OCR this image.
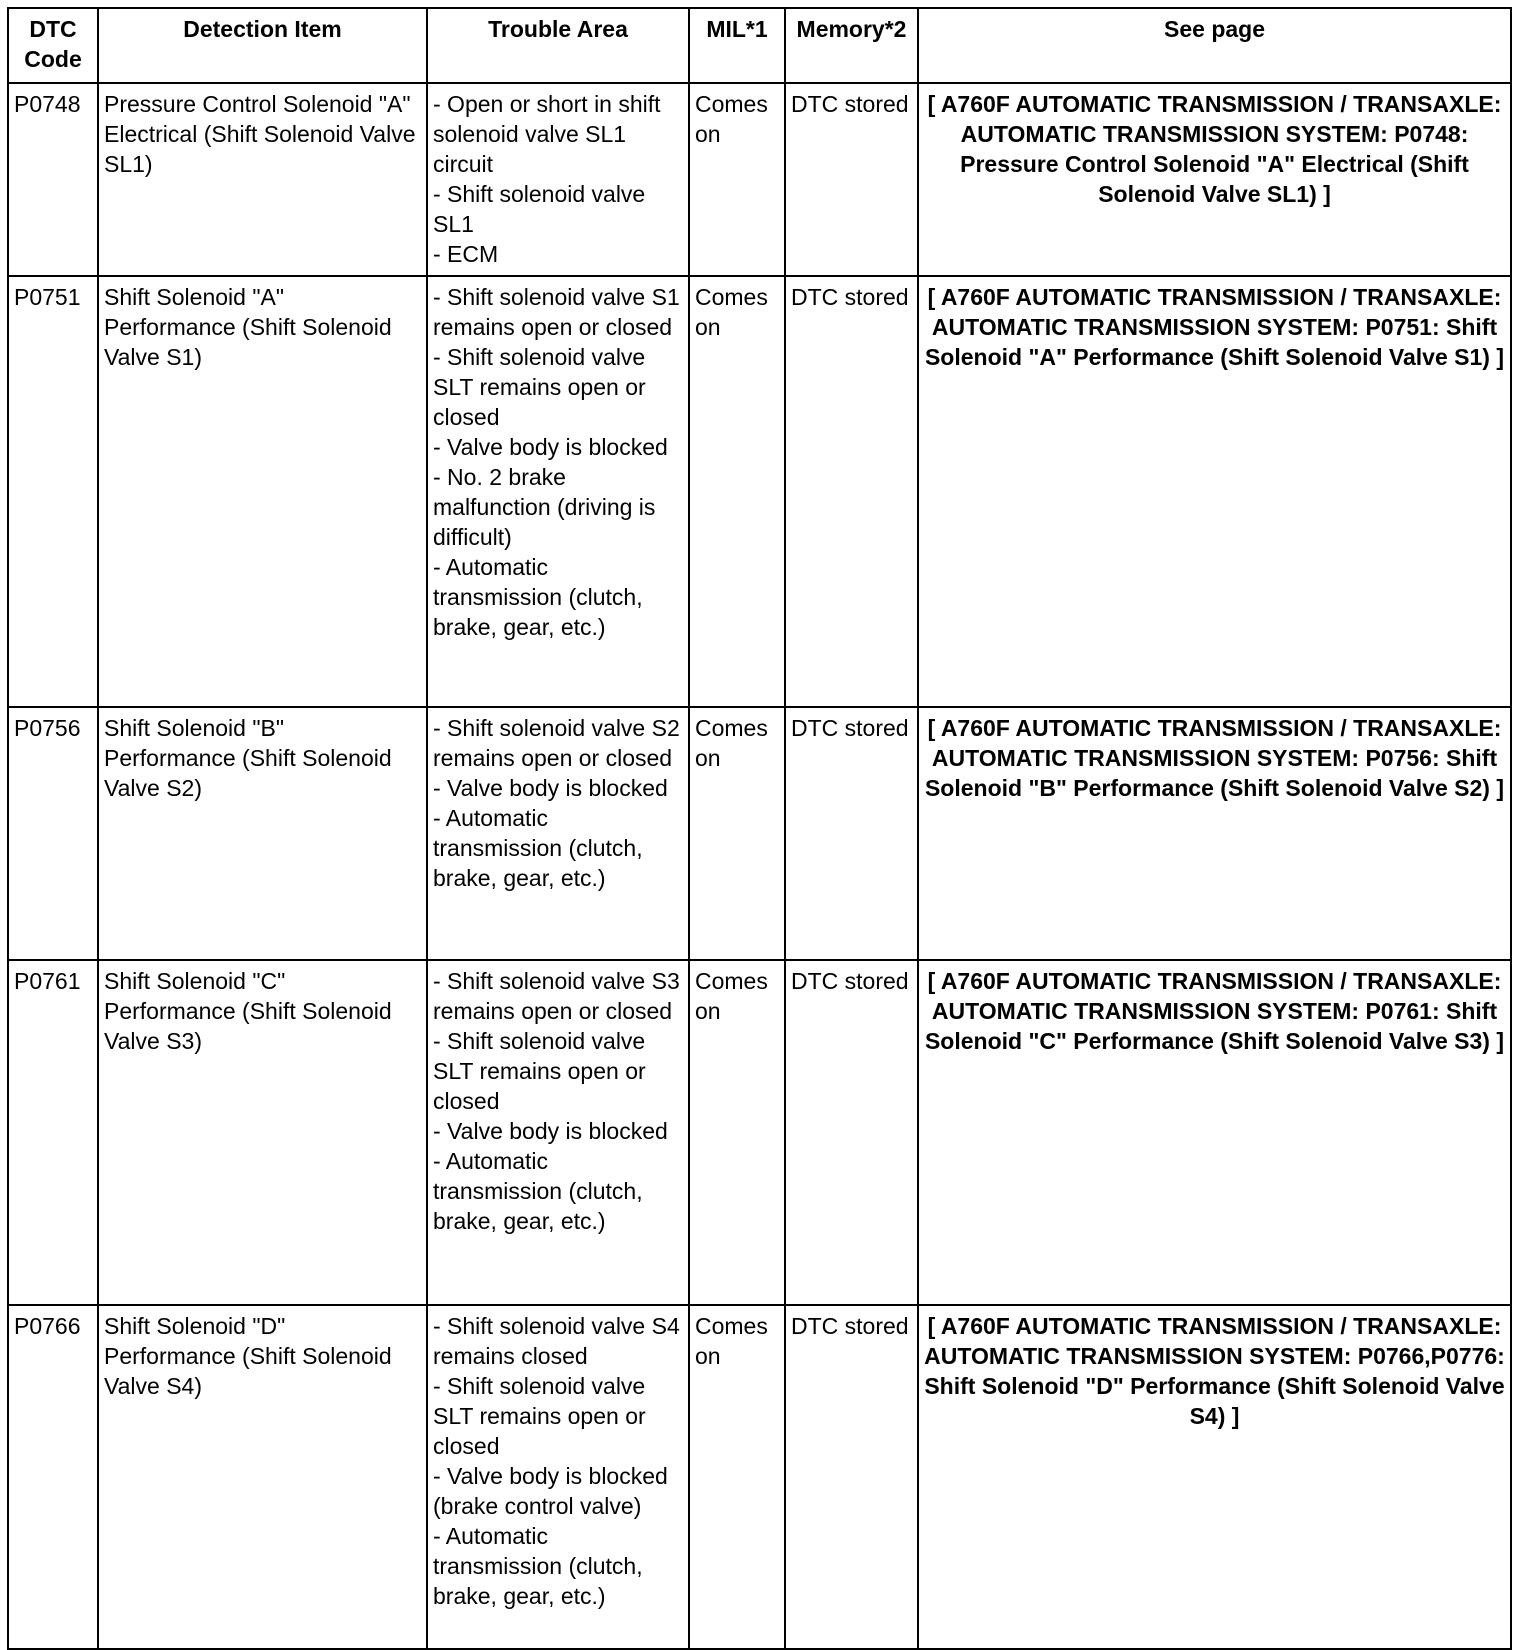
DTC Code	Detection Item	Trouble Area	MIL*1	Memory*2	See page
P0748	Pressure Control Solenoid "A" Electrical (Shift Solenoid Valve SL1)	- Open or short in shift solenoid valve SL1 circuit
- Shift solenoid valve SL1
- ECM	Comes on	DTC stored	[ A760F AUTOMATIC TRANSMISSION / TRANSAXLE: AUTOMATIC TRANSMISSION SYSTEM: P0748: Pressure Control Solenoid "A" Electrical (Shift Solenoid Valve SL1) ]
P0751	Shift Solenoid "A" Performance (Shift Solenoid Valve S1)	- Shift solenoid valve S1 remains open or closed
- Shift solenoid valve SLT remains open or closed
- Valve body is blocked
- No. 2 brake malfunction (driving is difficult)
- Automatic transmission (clutch, brake, gear, etc.)	Comes on	DTC stored	[ A760F AUTOMATIC TRANSMISSION / TRANSAXLE: AUTOMATIC TRANSMISSION SYSTEM: P0751: Shift Solenoid "A" Performance (Shift Solenoid Valve S1) ]
P0756	Shift Solenoid "B" Performance (Shift Solenoid Valve S2)	- Shift solenoid valve S2 remains open or closed
- Valve body is blocked
- Automatic transmission (clutch, brake, gear, etc.)	Comes on	DTC stored	[ A760F AUTOMATIC TRANSMISSION / TRANSAXLE: AUTOMATIC TRANSMISSION SYSTEM: P0756: Shift Solenoid "B" Performance (Shift Solenoid Valve S2) ]
P0761	Shift Solenoid "C" Performance (Shift Solenoid Valve S3)	- Shift solenoid valve S3 remains open or closed
- Shift solenoid valve SLT remains open or closed
- Valve body is blocked
- Automatic transmission (clutch, brake, gear, etc.)	Comes on	DTC stored	[ A760F AUTOMATIC TRANSMISSION / TRANSAXLE: AUTOMATIC TRANSMISSION SYSTEM: P0761: Shift Solenoid "C" Performance (Shift Solenoid Valve S3) ]
P0766	Shift Solenoid "D" Performance (Shift Solenoid Valve S4)	- Shift solenoid valve S4 remains closed
- Shift solenoid valve SLT remains open or closed
- Valve body is blocked (brake control valve)
- Automatic transmission (clutch, brake, gear, etc.)	Comes on	DTC stored	[ A760F AUTOMATIC TRANSMISSION / TRANSAXLE: AUTOMATIC TRANSMISSION SYSTEM: P0766,P0776: Shift Solenoid "D" Performance (Shift Solenoid Valve S4) ]
